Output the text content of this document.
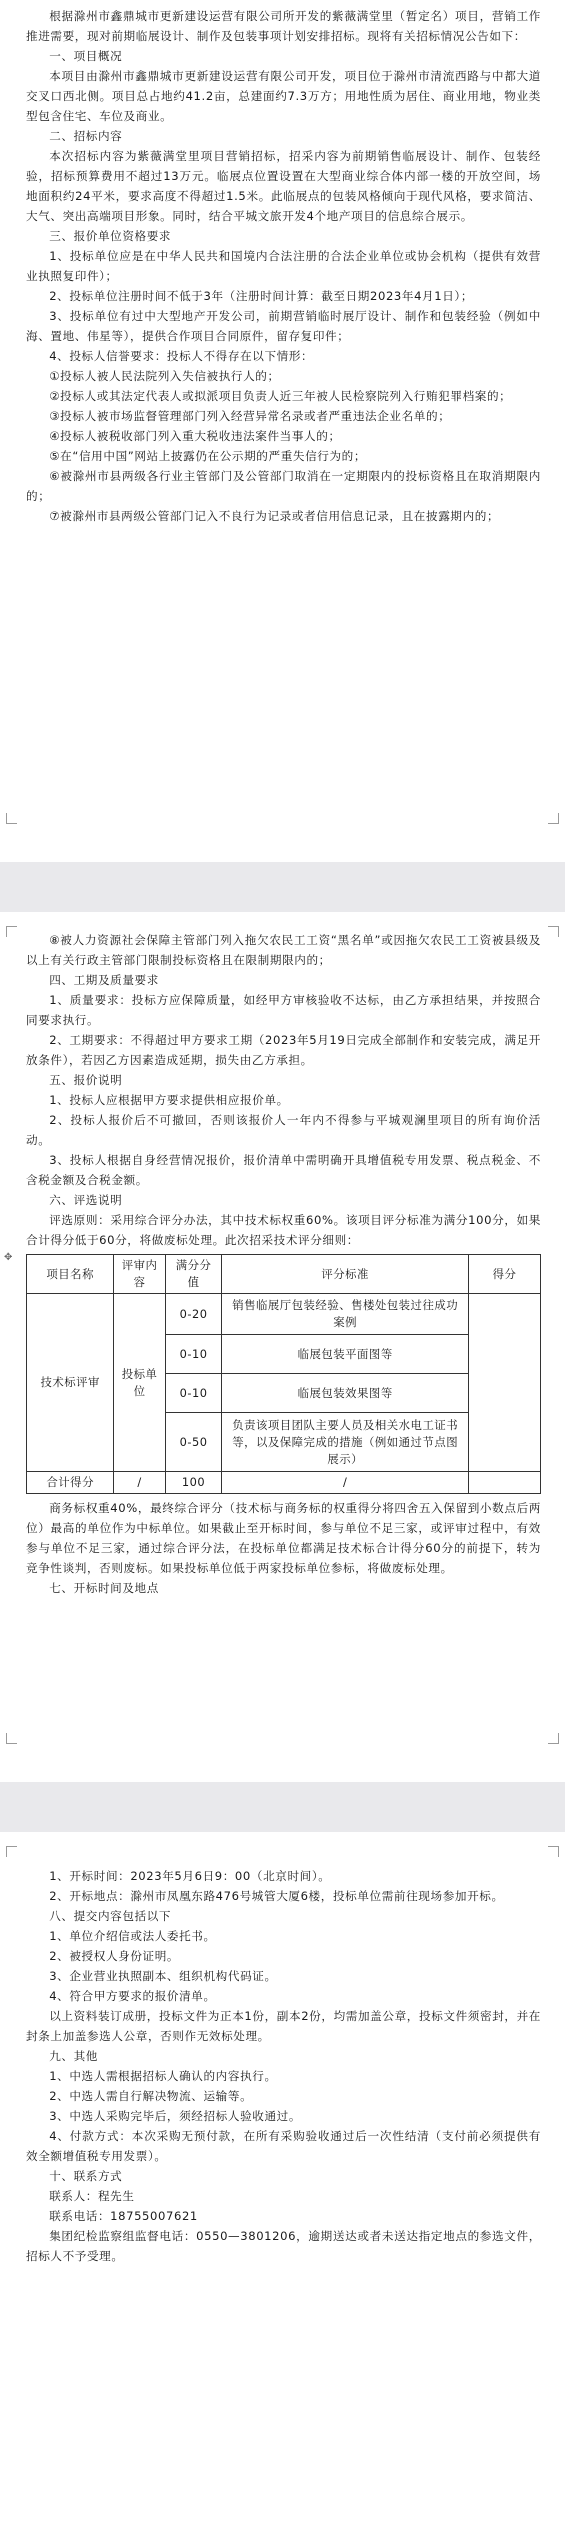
根据滁州市鑫鼎城市更新建设运营有限公司所开发的紫薇满堂里（暂定名）项目，营销工作推进需要，现对前期临展设计、制作及包装事项计划安排招标。现将有关招标情况公告如下：

一、项目概况

本项目由滁州市鑫鼎城市更新建设运营有限公司开发，项目位于滁州市清流西路与中都大道交叉口西北侧。项目总占地约41.2亩，总建面约7.3万方；用地性质为居住、商业用地，物业类型包含住宅、车位及商业。

二、招标内容

本次招标内容为紫薇满堂里项目营销招标，招采内容为前期销售临展设计、制作、包装经验，招标预算费用不超过13万元。临展点位置设置在大型商业综合体内部一楼的开放空间，场地面积约24平米，要求高度不得超过1.5米。此临展点的包装风格倾向于现代风格，要求简洁、大气、突出高端项目形象。同时，结合平城文旅开发4个地产项目的信息综合展示。

三、报价单位资格要求

1、投标单位应是在中华人民共和国境内合法注册的合法企业单位或协会机构（提供有效营业执照复印件）；

2、投标单位注册时间不低于3年（注册时间计算：截至日期2023年4月1日）；

3、投标单位有过中大型地产开发公司，前期营销临时展厅设计、制作和包装经验（例如中海、置地、伟星等），提供合作项目合同原件，留存复印件；

4、投标人信誉要求：投标人不得存在以下情形：

①投标人被人民法院列入失信被执行人的；

②投标人或其法定代表人或拟派项目负责人近三年被人民检察院列入行贿犯罪档案的；

③投标人被市场监督管理部门列入经营异常名录或者严重违法企业名单的；

④投标人被税收部门列入重大税收违法案件当事人的；

⑤在“信用中国”网站上披露仍在公示期的严重失信行为的；

⑥被滁州市县两级各行业主管部门及公管部门取消在一定期限内的投标资格且在取消期限内的；

⑦被滁州市县两级公管部门记入不良行为记录或者信用信息记录，且在披露期内的；

⑧被人力资源社会保障主管部门列入拖欠农民工工资“黑名单”或因拖欠农民工工资被县级及以上有关行政主管部门限制投标资格且在限制期限内的；

四、工期及质量要求

1、质量要求：投标方应保障质量，如经甲方审核验收不达标，由乙方承担结果，并按照合同要求执行。

2、工期要求：不得超过甲方要求工期（2023年5月19日完成全部制作和安装完成，满足开放条件），若因乙方因素造成延期，损失由乙方承担。

五、报价说明

1、投标人应根据甲方要求提供相应报价单。

2、投标人报价后不可撤回，否则该报价人一年内不得参与平城观澜里项目的所有询价活动。

3、投标人根据自身经营情况报价，报价清单中需明确开具增值税专用发票、税点税金、不含税金额及合税金额。

六、评选说明

评选原则：采用综合评分办法，其中技术标权重60%。该项目评分标准为满分100分，如果合计得分低于60分，将做废标处理。此次招采技术评分细则：

✥
项目名称	评审内容	满分分值	评分标准	得分
技术标评审	投标单位	0-20	销售临展厅包装经验、售楼处包装过往成功案例	
		0-10	临展包装平面图等	
		0-10	临展包装效果图等	
		0-50	负责该项目团队主要人员及相关水电工证书等，以及保障完成的措施（例如通过节点图展示）	
合计得分	/	100	/	

商务标权重40%，最终综合评分（技术标与商务标的权重得分将四舍五入保留到小数点后两位）最高的单位作为中标单位。如果截止至开标时间，参与单位不足三家，或评审过程中，有效参与单位不足三家，通过综合评分法，在投标单位都满足技术标合计得分60分的前提下，转为竞争性谈判，否则废标。如果投标单位低于两家投标单位参标，将做废标处理。

七、开标时间及地点

1、开标时间：2023年5月6日9：00（北京时间）。

2、开标地点：滁州市凤凰东路476号城管大厦6楼，投标单位需前往现场参加开标。

八、提交内容包括以下

1、单位介绍信或法人委托书。

2、被授权人身份证明。

3、企业营业执照副本、组织机构代码证。

4、符合甲方要求的报价清单。

以上资料装订成册，投标文件为正本1份，副本2份，均需加盖公章，投标文件须密封，并在封条上加盖参选人公章，否则作无效标处理。

九、其他

1、中选人需根据招标人确认的内容执行。

2、中选人需自行解决物流、运输等。

3、中选人采购完毕后，须经招标人验收通过。

4、付款方式：本次采购无预付款，在所有采购验收通过后一次性结清（支付前必须提供有效全额增值税专用发票）。

十、联系方式

联系人：程先生

联系电话：18755007621

集团纪检监察组监督电话：0550—3801206，逾期送达或者未送达指定地点的参选文件，招标人不予受理。
